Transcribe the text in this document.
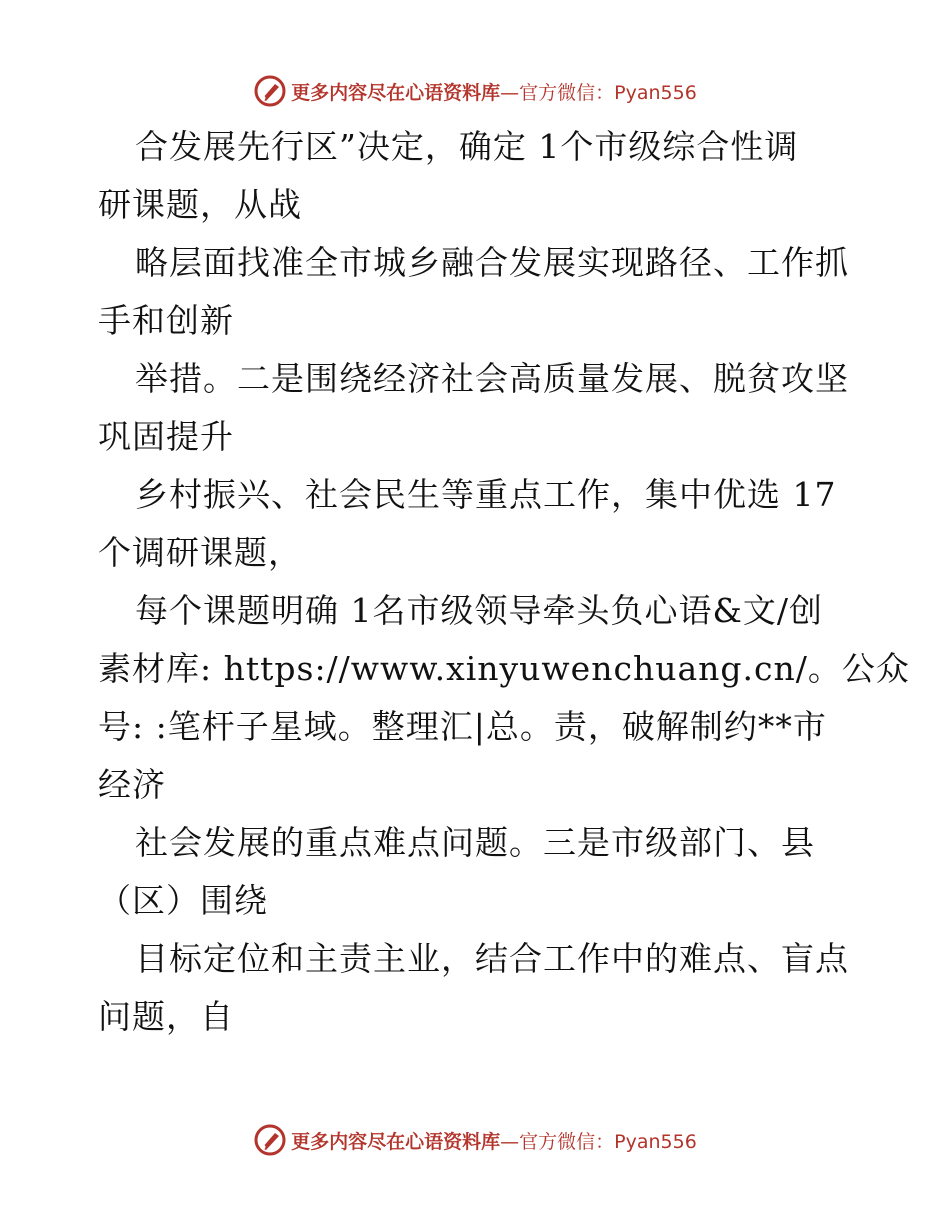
更多内容尽在心语资料库—官方微信：Pyan556
合发展先行区”决定，确定 1个市级综合性调
研课题，从战
略层面找准全市城乡融合发展实现路径、工作抓
手和创新
举措。二是围绕经济社会高质量发展、脱贫攻坚
巩固提升
乡村振兴、社会民生等重点工作，集中优选 17
个调研课题，
每个课题明确 1名市级领导牵头负心语&文/创
素材库: https://www.xinyuwenchuang.cn/。公众
号: :笔杆子星域。整理汇|总。责，破解制约**市
经济
社会发展的重点难点问题。三是市级部门、县
（区）围绕
目标定位和主责主业，结合工作中的难点、盲点
问题，自
更多内容尽在心语资料库—官方微信：Pyan556
